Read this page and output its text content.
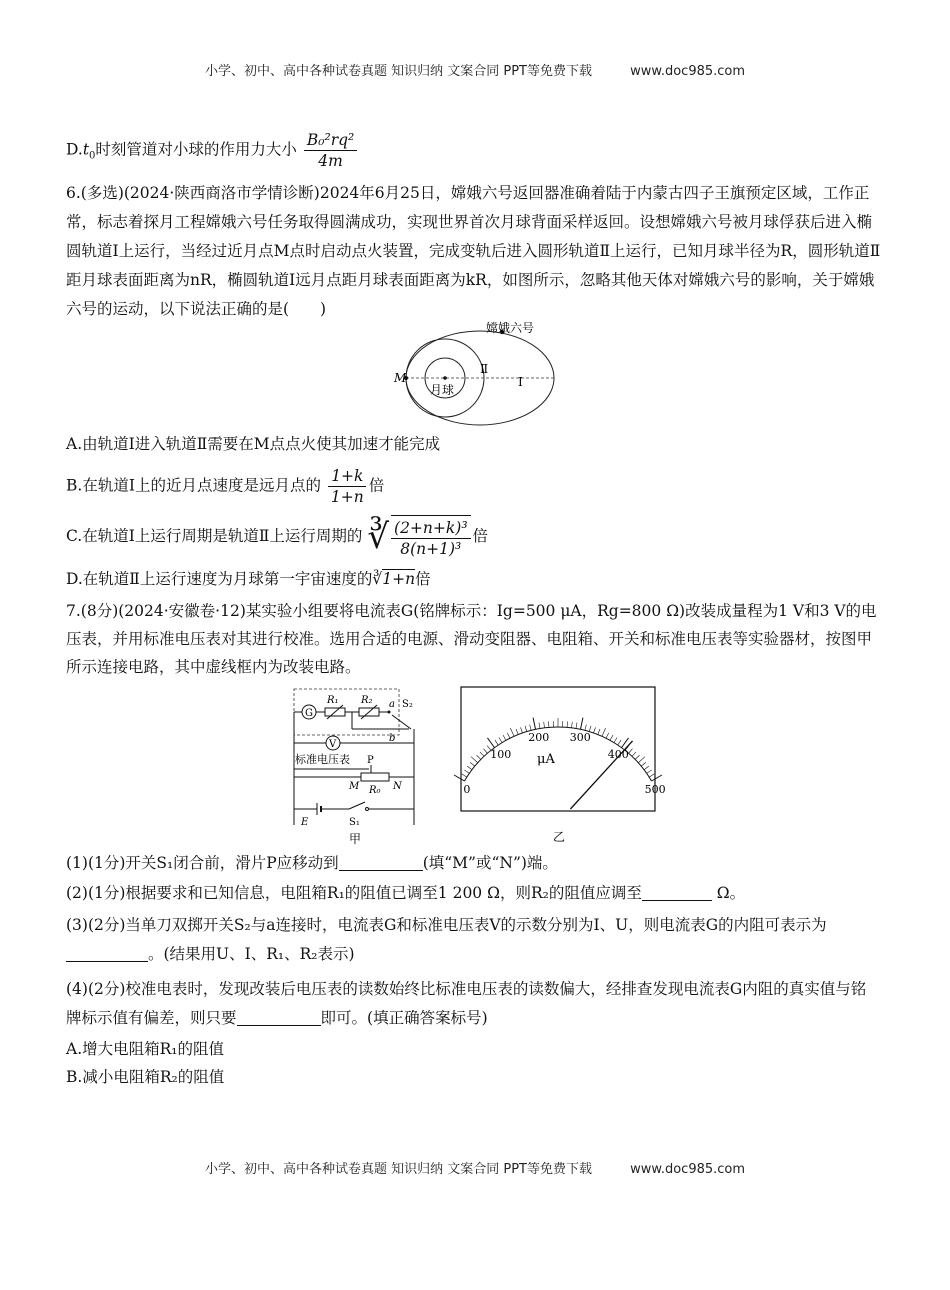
小学、初中、高中各种试卷真题 知识归纳 文案合同 PPT等免费下载	www.doc985.com
$D.t_0$时刻管道对小球的作用力大小 $\frac{\text{B₀²rq²}}{4m}$
6.(多选)(2024·陕西商洛市学情诊断)2024年6月25日，嫦娥六号返回器准确着陆于内蒙古四子王旗预定区域，工作正常，标志着探月工程嫦娥六号任务取得圆满成功，实现世界首次月球背面采样返回。设想嫦娥六号被月球俘获后进入椭圆轨道Ⅰ上运行，当经过近月点M点时启动点火装置，完成变轨后进入圆形轨道Ⅱ上运行，已知月球半径为R，圆形轨道Ⅱ距月球表面距离为nR，椭圆轨道Ⅰ远月点距月球表面距离为kR，如图所示，忽略其他天体对嫦娥六号的影响，关于嫦娥六号的运动，以下说法正确的是(　　)
嫦娥六号
M
月球
Ⅱ
Ⅰ
A.由轨道Ⅰ进入轨道Ⅱ需要在M点点火使其加速才能完成
B.在轨道Ⅰ上的近月点速度是远月点的 $\frac{1+k}{1+n}$ 倍
C.在轨道Ⅰ上运行周期是轨道Ⅱ上运行周期的 ∛ $\frac{\text{(2+n+k)³}}{\text{8(n+1)³}}$ 倍
D.在轨道Ⅱ上运行速度为月球第一宇宙速度的∛1+n倍
7.(8分)(2024·安徽卷·12)某实验小组要将电流表G(铭牌标示：Ig=500 μA，Rg=800 Ω)改装成量程为1 V和3 V的电压表，并用标准电压表对其进行校准。选用合适的电源、滑动变阻器、电阻箱、开关和标准电压表等实验器材，按图甲所示连接电路，其中虚线框内为改装电路。
G
R₁ R₂ a S₂
b
V
标准电压表 P
M R₀ N
E	S₁
甲
0
100
200 300
400
500
μA
乙
(1)(1分)开关S₁闭合前，滑片P应移动到	(填“M”或“N”)端。
(2)(1分)根据要求和已知信息，电阻箱R₁的阻值已调至1 200 Ω，则R₂的阻值应调至	Ω。
(3)(2分)当单刀双掷开关S₂与a连接时，电流表G和标准电压表V的示数分别为I、U，则电流表G的内阻可表示为。(结果用U、I、R₁、R₂表示)
(4)(2分)校准电表时，发现改装后电压表的读数始终比标准电压表的读数偏大，经排查发现电流表G内阻的真实值与铭牌标示值有偏差，则只要	即可。(填正确答案标号)
A.增大电阻箱R₁的阻值
B.减小电阻箱R₂的阻值
小学、初中、高中各种试卷真题 知识归纳 文案合同 PPT等免费下载	www.doc985.com
